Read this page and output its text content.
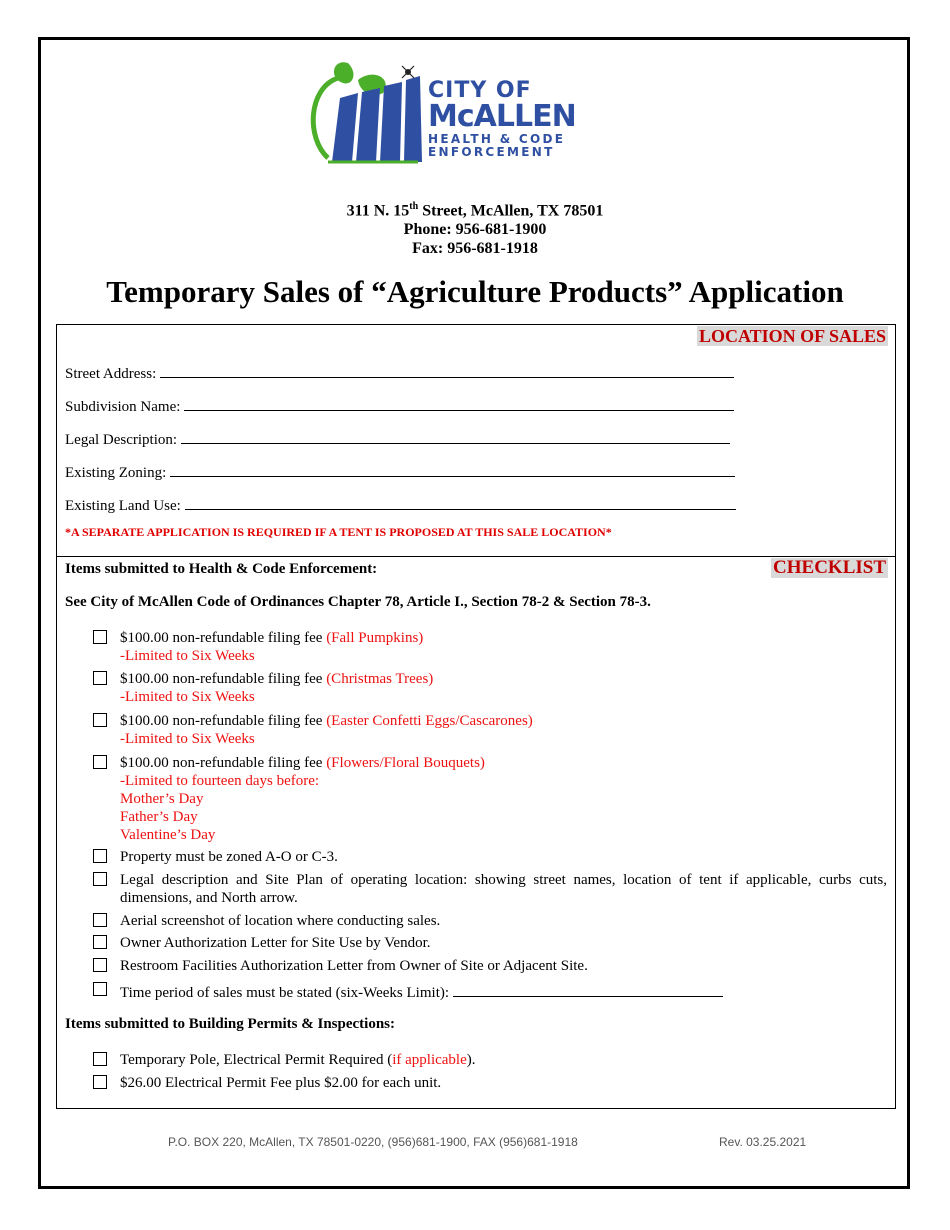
CITY OF
McALLEN
HEALTH & CODE
ENFORCEMENT
311 N. 15th Street, McAllen, TX 78501
Phone: 956-681-1900
Fax: 956-681-1918
Temporary Sales of “Agriculture Products” Application
LOCATION OF SALES
Street Address:
Subdivision Name:
Legal Description:
Existing Zoning:
Existing Land Use:
*A SEPARATE APPLICATION IS REQUIRED IF A TENT IS PROPOSED AT THIS SALE LOCATION*
CHECKLIST
Items submitted to Health & Code Enforcement:
See City of McAllen Code of Ordinances Chapter 78, Article I., Section 78-2 & Section 78-3.
$100.00 non-refundable filing fee (Fall Pumpkins)
-Limited to Six Weeks
$100.00 non-refundable filing fee (Christmas Trees)
-Limited to Six Weeks
$100.00 non-refundable filing fee (Easter Confetti Eggs/Cascarones)
-Limited to Six Weeks
$100.00 non-refundable filing fee (Flowers/Floral Bouquets)
-Limited to fourteen days before:
Mother’s Day
Father’s Day
Valentine’s Day
Property must be zoned A-O or C-3.
Legal description and Site Plan of operating location: showing street names, location of tent if applicable, curbs cuts, dimensions, and North arrow.
Aerial screenshot of location where conducting sales.
Owner Authorization Letter for Site Use by Vendor.
Restroom Facilities Authorization Letter from Owner of Site or Adjacent Site.
Time period of sales must be stated (six-Weeks Limit):
Items submitted to Building Permits & Inspections:
Temporary Pole, Electrical Permit Required (if applicable).
$26.00 Electrical Permit Fee plus $2.00 for each unit.
P.O. BOX 220, McAllen, TX 78501-0220, (956)681-1900, FAX (956)681-1918	Rev. 03.25.2021
